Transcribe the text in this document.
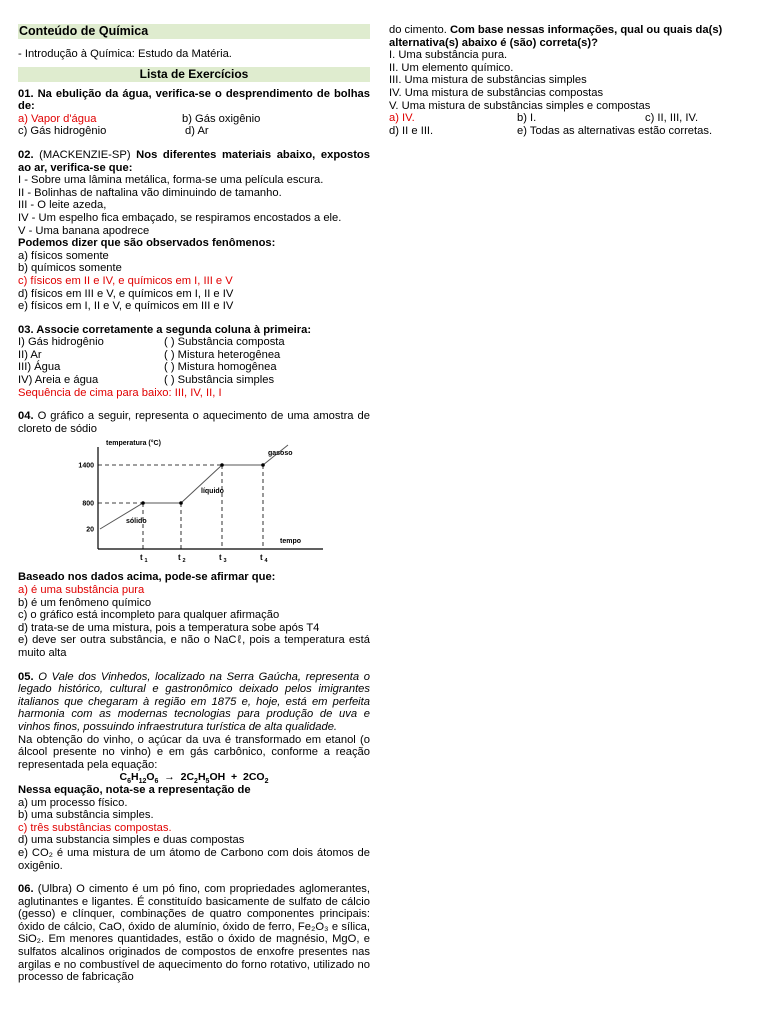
Conteúdo de Química

- Introdução à Química: Estudo da Matéria.

Lista de Exercícios

01. Na ebulição da água, verifica-se o desprendimento de bolhas de:

a) Vapor d'água	b) Gás oxigênio
c) Gás hidrogênio	d) Ar

02. (MACKENZIE-SP) Nos diferentes materiais abaixo, expostos ao ar, verifica-se que:

I - Sobre uma lâmina metálica, forma-se uma película escura.

II - Bolinhas de naftalina vão diminuindo de tamanho.

III - O leite azeda,

IV - Um espelho fica embaçado, se respiramos encostados a ele.

V - Uma banana apodrece

Podemos dizer que são observados fenômenos:

a) físicos somente

b) químicos somente

c) físicos em II e IV, e químicos em I, III e V

d) físicos em III e V, e químicos em I, II e IV

e) físicos em I, II e V, e químicos em III e IV

03. Associe corretamente a segunda coluna à primeira:

I) Gás hidrogênio	( ) Substância composta
II) Ar	( ) Mistura heterogênea
III) Água	( ) Mistura homogênea
IV) Areia e água	( ) Substância simples

Sequência de cima para baixo: III, IV, II, I

04. O gráfico a seguir, representa o aquecimento de uma amostra de cloreto de sódio

temperatura (°C)
tempo
1400
800
20
t 1	t 2	t 3	t 4
sólido
líquido
gasoso

Baseado nos dados acima, pode-se afirmar que:

a) é uma substância pura

b) é um fenômeno químico

c) o gráfico está incompleto para qualquer afirmação

d) trata-se de uma mistura, pois a temperatura sobe após T4

e) deve ser outra substância, e não o NaCℓ, pois a temperatura está muito alta

05. O Vale dos Vinhedos, localizado na Serra Gaúcha, representa o legado histórico, cultural e gastronômico deixado pelos imigrantes italianos que chegaram à região em 1875 e, hoje, está em perfeita harmonia com as modernas tecnologias para produção de uva e vinhos finos, possuindo infraestrutura turística de alta qualidade.

Na obtenção do vinho, o açúcar da uva é transformado em etanol (o álcool presente no vinho) e em gás carbônico, conforme a reação representada pela equação:

$C_6H_{12}O_6 \to 2C_2H_5OH + 2CO_2$

Nessa equação, nota-se a representação de

a) um processo físico.

b) uma substância simples.

c) três substâncias compostas.

d) uma substancia simples e duas compostas

e) CO₂ é uma mistura de um átomo de Carbono com dois átomos de oxigênio.

06. (Ulbra) O cimento é um pó fino, com propriedades aglomerantes, aglutinantes e ligantes. É constituído basicamente de sulfato de cálcio (gesso) e clínquer, combinações de quatro componentes principais: óxido de cálcio, CaO, óxido de alumínio, óxido de ferro, Fe₂O₃ e sílica, SiO₂. Em menores quantidades, estão o óxido de magnésio, MgO, e sulfatos alcalinos originados de compostos de enxofre presentes nas argilas e no combustível de aquecimento do forno rotativo, utilizado no processo de fabricação

do cimento. Com base nessas informações, qual ou quais da(s) alternativa(s) abaixo é (são) correta(s)?

I. Uma substância pura.

II. Um elemento químico.

III. Uma mistura de substâncias simples

IV. Uma mistura de substâncias compostas

V. Uma mistura de substâncias simples e compostas

a) IV.	b) I.	c) II, III, IV.
d) II e III.	e) Todas as alternativas estão corretas.
